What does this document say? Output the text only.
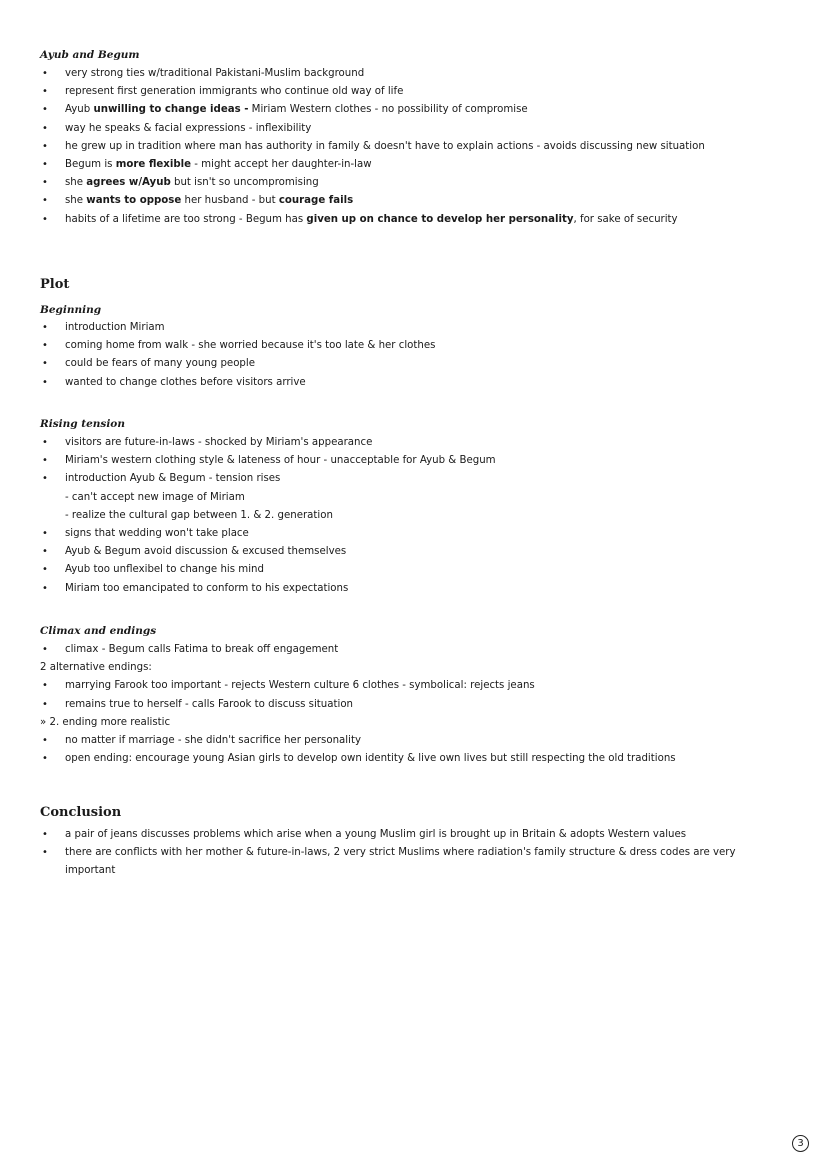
Ayub and Begum

• very strong ties w/traditional Pakistani-Muslim background
• represent first generation immigrants who continue old way of life
• Ayub unwilling to change ideas - Miriam Western clothes - no possibility of compromise
• way he speaks & facial expressions - inflexibility
• he grew up in tradition where man has authority in family & doesn't have to explain actions - avoids discussing new situation
• Begum is more flexible - might accept her daughter-in-law
• she agrees w/Ayub but isn't so uncompromising
• she wants to oppose her husband - but courage fails
• habits of a lifetime are too strong - Begum has given up on chance to develop her personality, for sake of security

Plot

Beginning

• introduction Miriam
• coming home from walk - she worried because it's too late & her clothes
• could be fears of many young people
• wanted to change clothes before visitors arrive

Rising tension

• visitors are future-in-laws - shocked by Miriam's appearance
• Miriam's western clothing style & lateness of hour - unacceptable for Ayub & Begum
• introduction Ayub & Begum - tension rises
- can't accept new image of Miriam
- realize the cultural gap between 1. & 2. generation
• signs that wedding won't take place
• Ayub & Begum avoid discussion & excused themselves
• Ayub too unflexibel to change his mind
• Miriam too emancipated to conform to his expectations

Climax and endings

• climax - Begum calls Fatima to break off engagement
2 alternative endings:
• marrying Farook too important - rejects Western culture 6 clothes - symbolical: rejects jeans
• remains true to herself - calls Farook to discuss situation
» 2. ending more realistic
• no matter if marriage - she didn't sacrifice her personality
• open ending: encourage young Asian girls to develop own identity & live own lives but still respecting the old traditions

Conclusion

• a pair of jeans discusses problems which arise when a young Muslim girl is brought up in Britain & adopts Western values
• there are conflicts with her mother & future-in-laws, 2 very strict Muslims where radiation's family structure & dress codes are very important
3
